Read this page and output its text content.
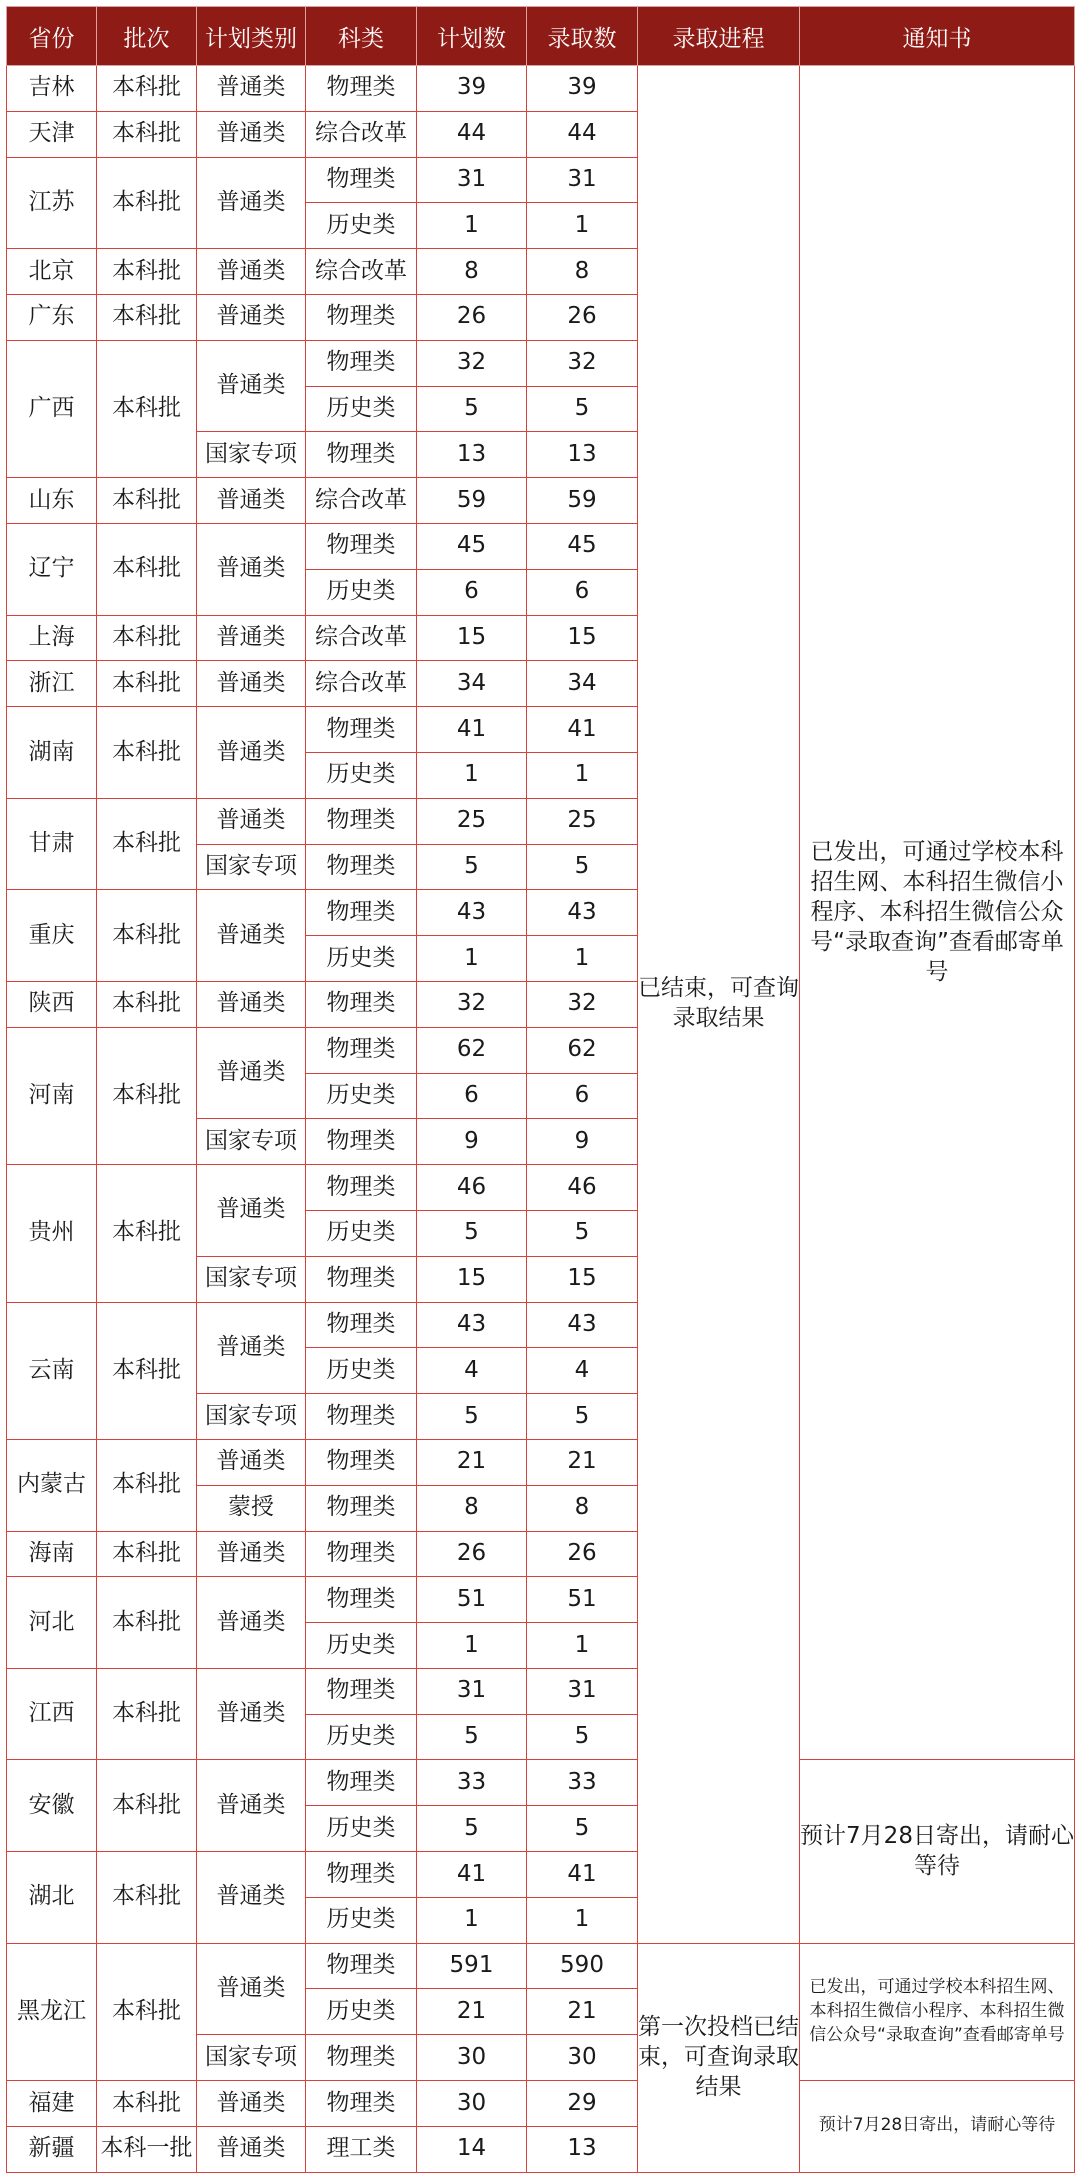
省份	批次	计划类别	科类	计划数	录取数	录取进程	通知书
吉林	本科批	普通类	物理类	39	39	已结束，可查询录取结果	已发出，可通过学校本科招生网、本科招生微信小程序、本科招生微信公众号“录取查询”查看邮寄单号
天津	本科批	普通类	综合改革	44	44		
江苏	本科批	普通类	物理类	31	31		
			历史类	1	1		
北京	本科批	普通类	综合改革	8	8		
广东	本科批	普通类	物理类	26	26		
广西	本科批	普通类	物理类	32	32		
			历史类	5	5		
		国家专项	物理类	13	13		
山东	本科批	普通类	综合改革	59	59		
辽宁	本科批	普通类	物理类	45	45		
			历史类	6	6		
上海	本科批	普通类	综合改革	15	15		
浙江	本科批	普通类	综合改革	34	34		
湖南	本科批	普通类	物理类	41	41		
			历史类	1	1		
甘肃	本科批	普通类	物理类	25	25		
		国家专项	物理类	5	5		
重庆	本科批	普通类	物理类	43	43		
			历史类	1	1		
陕西	本科批	普通类	物理类	32	32		
河南	本科批	普通类	物理类	62	62		
			历史类	6	6		
		国家专项	物理类	9	9		
贵州	本科批	普通类	物理类	46	46		
			历史类	5	5		
		国家专项	物理类	15	15		
云南	本科批	普通类	物理类	43	43		
			历史类	4	4		
		国家专项	物理类	5	5		
内蒙古	本科批	普通类	物理类	21	21		
		蒙授	物理类	8	8		
海南	本科批	普通类	物理类	26	26		
河北	本科批	普通类	物理类	51	51		
			历史类	1	1		
江西	本科批	普通类	物理类	31	31		
			历史类	5	5		
安徽	本科批	普通类	物理类	33	33		预计7月28日寄出，请耐心等待
			历史类	5	5		
湖北	本科批	普通类	物理类	41	41		
			历史类	1	1		
黑龙江	本科批	普通类	物理类	591	590	第一次投档已结束，可查询录取结果	已发出，可通过学校本科招生网、本科招生微信小程序、本科招生微信公众号“录取查询”查看邮寄单号
			历史类	21	21		
		国家专项	物理类	30	30		
福建	本科批	普通类	物理类	30	29		预计7月28日寄出，请耐心等待
新疆	本科一批	普通类	理工类	14	13		
